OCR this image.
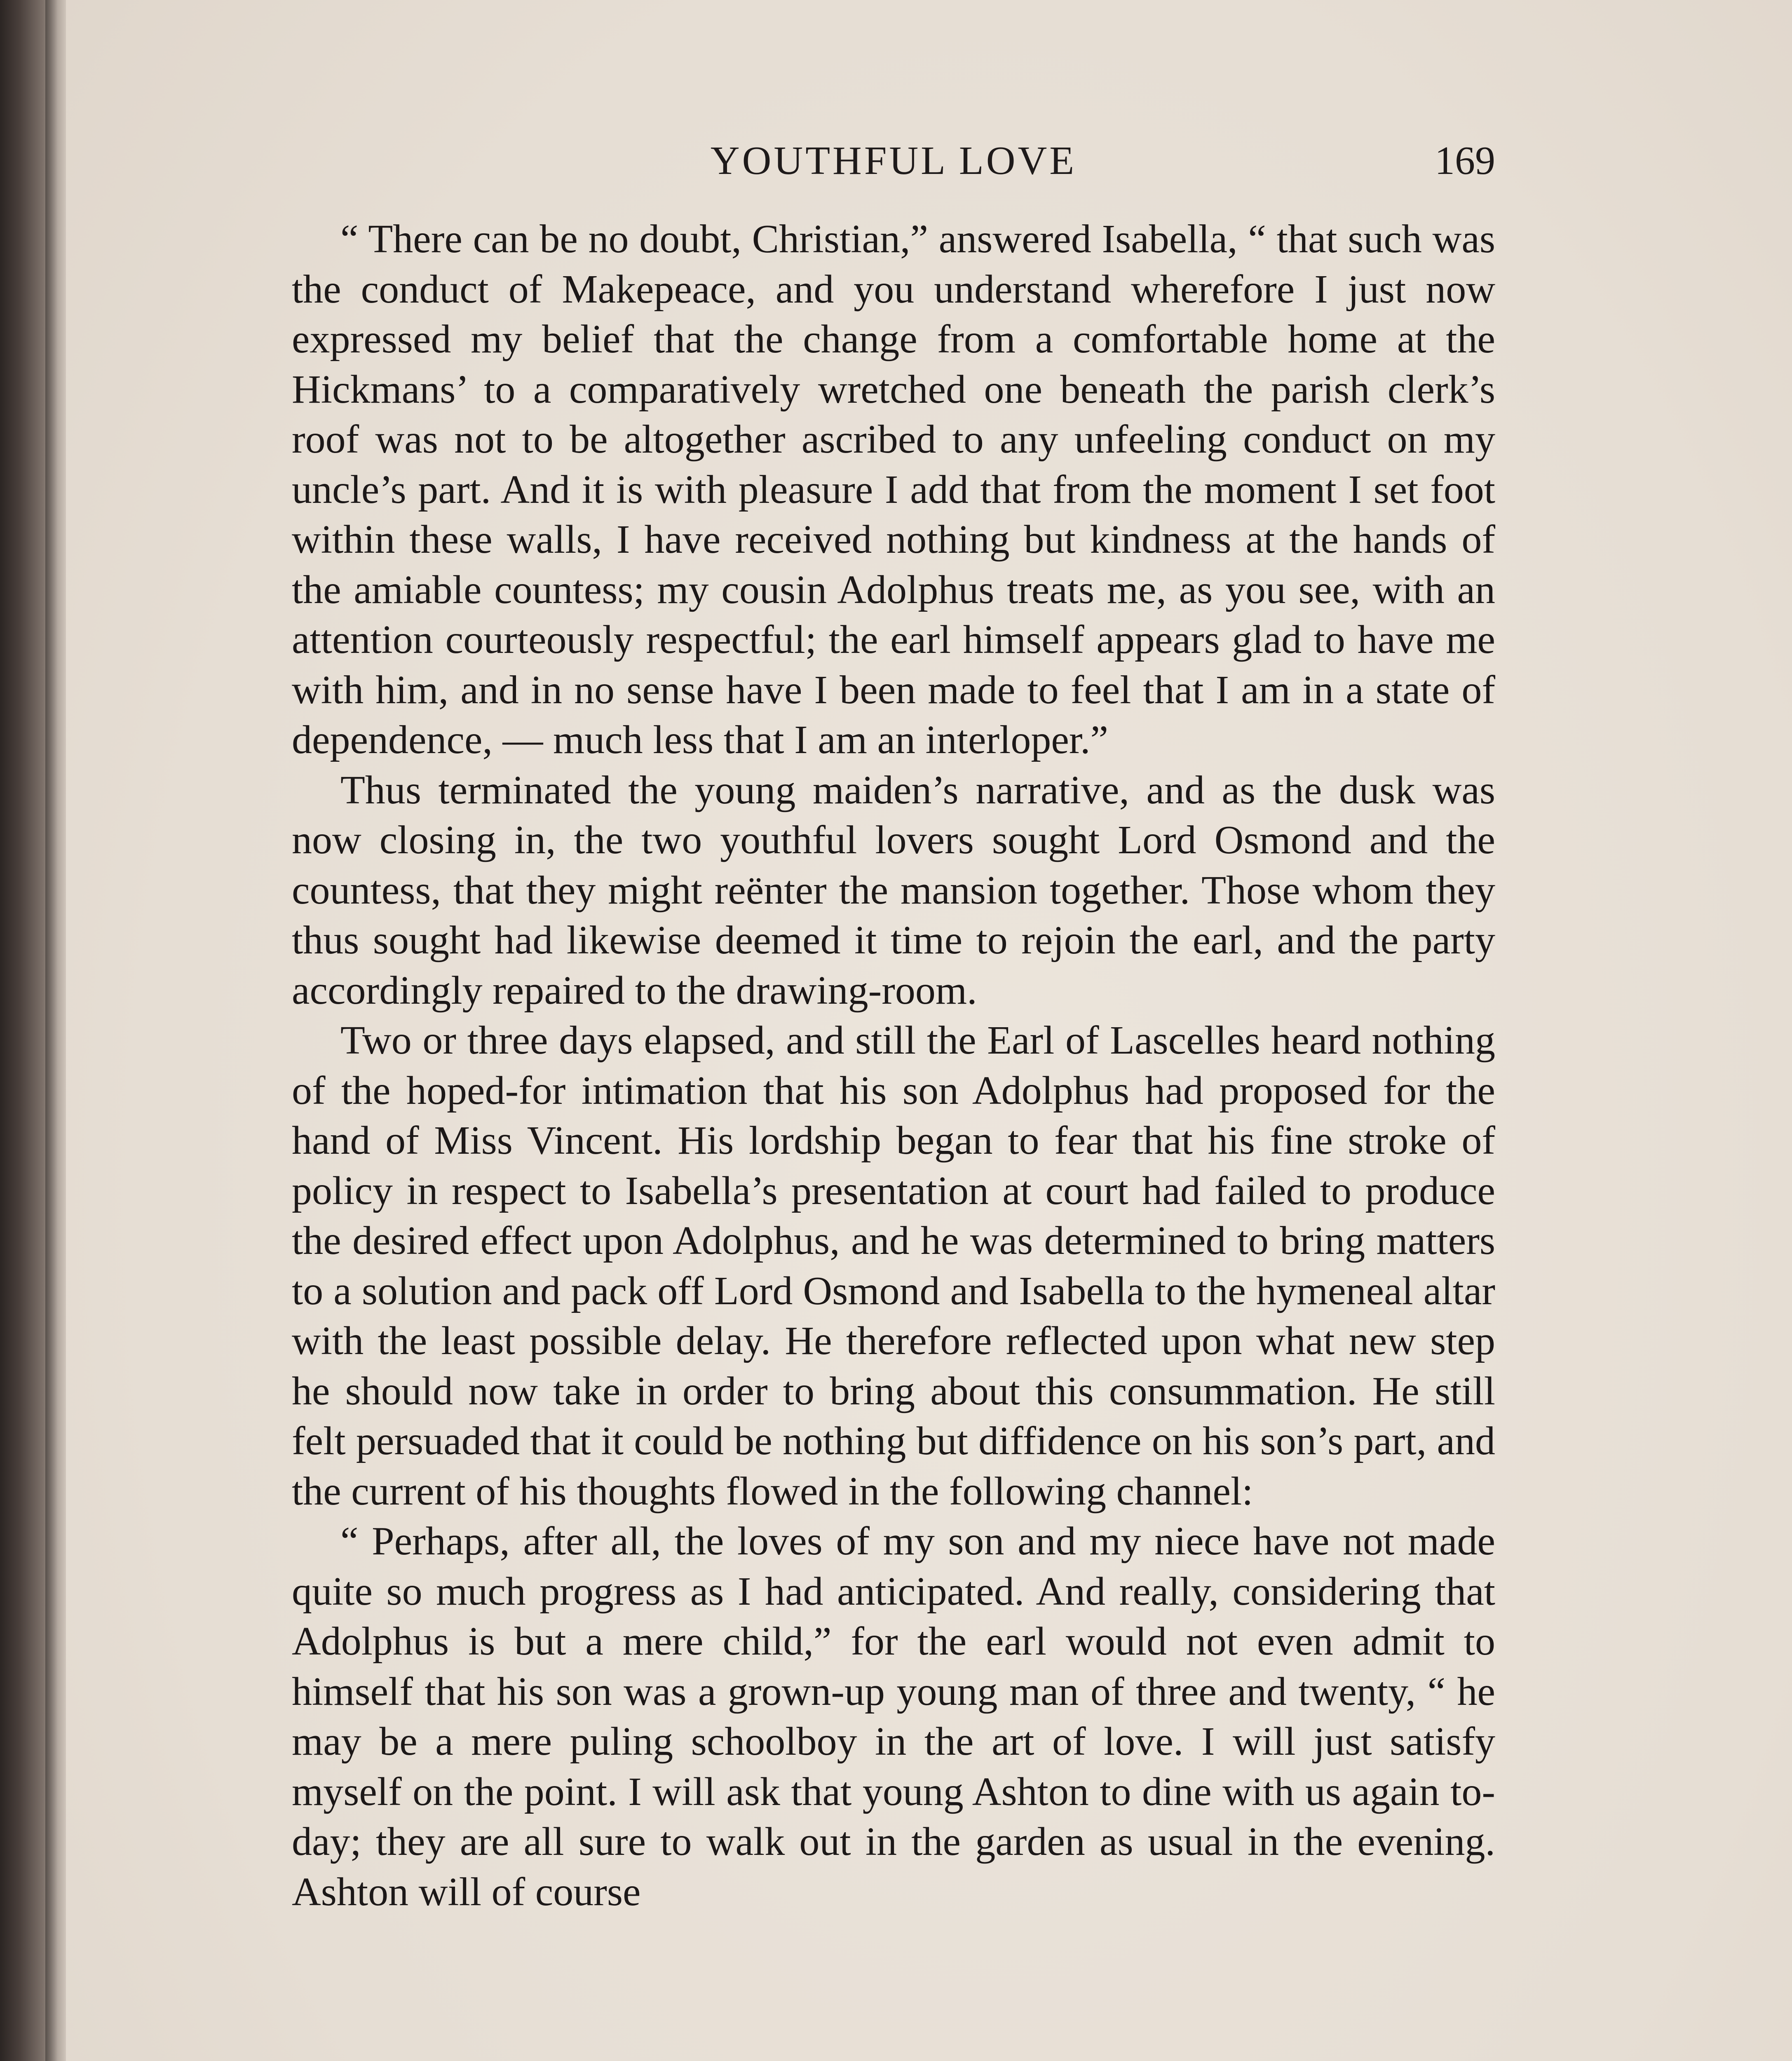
YOUTHFUL LOVE	169

“ There can be no doubt, Christian,” answered Isabella, “ that such was the conduct of Makepeace, and you understand wherefore I just now expressed my belief that the change from a comfortable home at the Hickmans’ to a comparatively wretched one beneath the parish clerk’s roof was not to be altogether ascribed to any unfeeling conduct on my uncle’s part. And it is with pleasure I add that from the moment I set foot within these walls, I have received nothing but kindness at the hands of the amiable countess; my cousin Adolphus treats me, as you see, with an attention courteously respectful; the earl himself appears glad to have me with him, and in no sense have I been made to feel that I am in a state of dependence, — much less that I am an interloper.”

Thus terminated the young maiden’s narrative, and as the dusk was now closing in, the two youthful lovers sought Lord Osmond and the countess, that they might reënter the mansion together. Those whom they thus sought had likewise deemed it time to rejoin the earl, and the party accordingly repaired to the drawing-room.

Two or three days elapsed, and still the Earl of Lascelles heard nothing of the hoped-for intimation that his son Adolphus had proposed for the hand of Miss Vincent. His lordship began to fear that his fine stroke of policy in respect to Isabella’s presentation at court had failed to produce the desired effect upon Adolphus, and he was determined to bring matters to a solution and pack off Lord Osmond and Isabella to the hymeneal altar with the least possible delay. He therefore reflected upon what new step he should now take in order to bring about this consummation. He still felt persuaded that it could be nothing but diffidence on his son’s part, and the current of his thoughts flowed in the following channel:

“ Perhaps, after all, the loves of my son and my niece have not made quite so much progress as I had anticipated. And really, considering that Adolphus is but a mere child,” for the earl would not even admit to himself that his son was a grown-up young man of three and twenty, “ he may be a mere puling schoolboy in the art of love. I will just satisfy myself on the point. I will ask that young Ashton to dine with us again to-day; they are all sure to walk out in the garden as usual in the evening. Ashton will of course
